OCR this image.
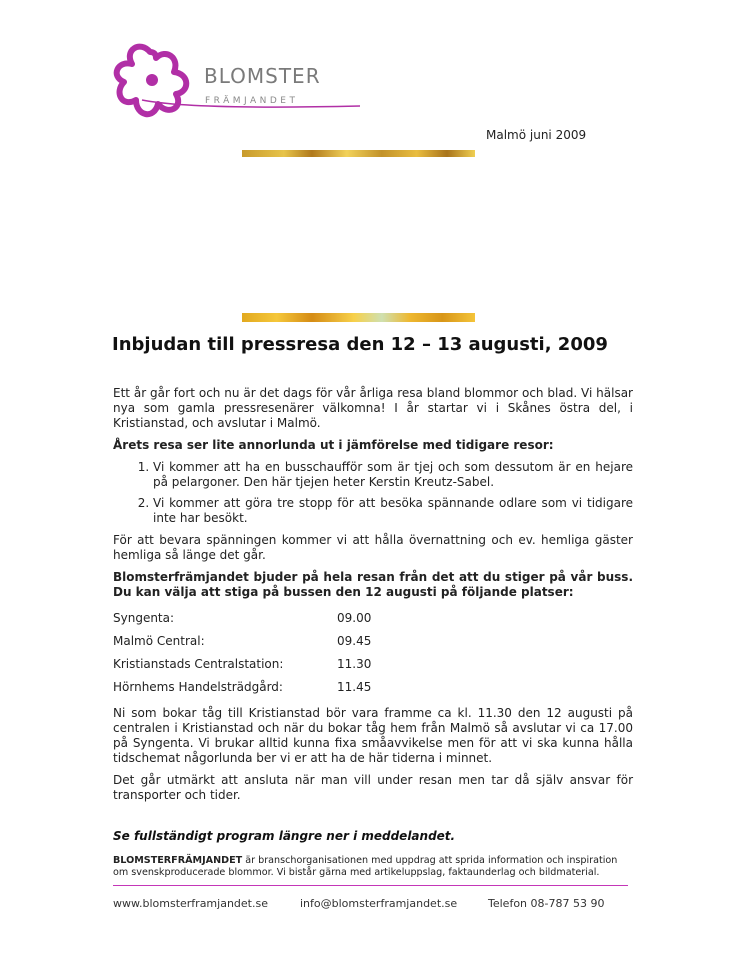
BLOMSTER
FRÄMJANDET
Malmö juni 2009
Inbjudan till pressresa den 12 – 13 augusti, 2009

Ett år går fort och nu är det dags för vår årliga resa bland blommor och blad. Vi hälsar nya som gamla pressresenärer välkomna! I år startar vi i Skånes östra del, i Kristianstad, och avslutar i Malmö.

Årets resa ser lite annorlunda ut i jämförelse med tidigare resor:

1. Vi kommer att ha en busschaufför som är tjej och som dessutom är en hejare på pelargoner. Den här tjejen heter Kerstin Kreutz-Sabel.
2. Vi kommer att göra tre stopp för att besöka spännande odlare som vi tidigare inte har besökt.

För att bevara spänningen kommer vi att hålla övernattning och ev. hemliga gäster hemliga så länge det går.

Blomsterfrämjandet bjuder på hela resan från det att du stiger på vår buss. Du kan välja att stiga på bussen den 12 augusti på följande platser:

Syngenta:	09.00
Malmö Central:	09.45
Kristianstads Centralstation:	11.30
Hörnhems Handelsträdgård:	11.45

Ni som bokar tåg till Kristianstad bör vara framme ca kl. 11.30 den 12 augusti på centralen i Kristianstad och när du bokar tåg hem från Malmö så avslutar vi ca 17.00 på Syngenta. Vi brukar alltid kunna fixa småavvikelse men för att vi ska kunna hålla tidschemat någorlunda ber vi er att ha de här tiderna i minnet.

Det går utmärkt att ansluta när man vill under resan men tar då själv ansvar för transporter och tider.

Se fullständigt program längre ner i meddelandet.
BLOMSTERFRÄMJANDET är branschorganisationen med uppdrag att sprida information och inspiration om svenskproducerade blommor. Vi bistår gärna med artikeluppslag, faktaunderlag och bildmaterial.
www.blomsterframjandet.se	info@blomsterframjandet.se	Telefon 08-787 53 90
